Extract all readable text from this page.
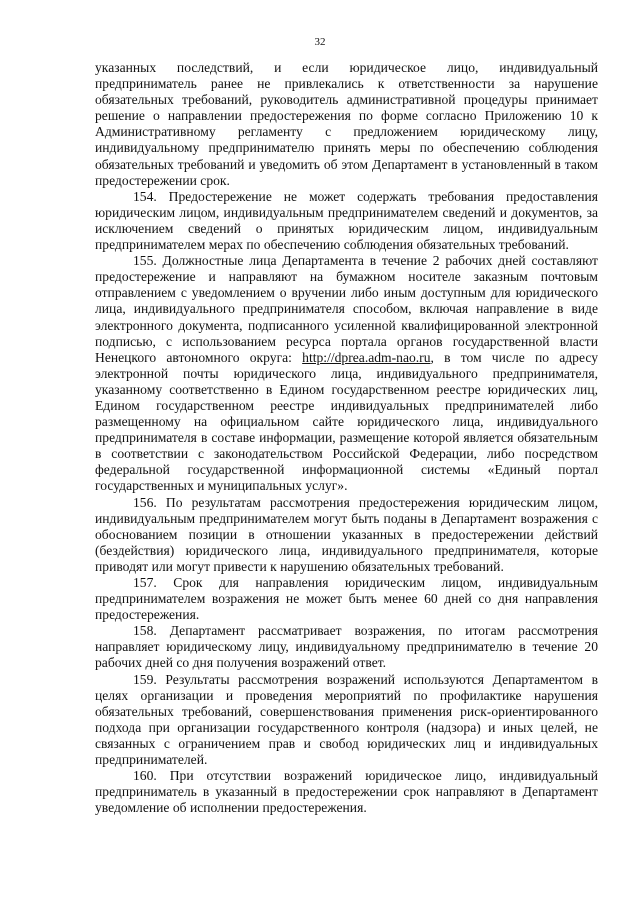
32

указанных последствий, и если юридическое лицо, индивидуальный предприниматель ранее не привлекались к ответственности за нарушение обязательных требований, руководитель административной процедуры принимает решение о направлении предостережения по форме согласно Приложению 10 к Административному регламенту с предложением юридическому лицу, индивидуальному предпринимателю принять меры по обеспечению соблюдения обязательных требований и уведомить об этом Департамент в установленный в таком предостережении срок.

154. Предостережение не может содержать требования предоставления юридическим лицом, индивидуальным предпринимателем сведений и документов, за исключением сведений о принятых юридическим лицом, индивидуальным предпринимателем мерах по обеспечению соблюдения обязательных требований.

155. Должностные лица Департамента в течение 2 рабочих дней составляют предостережение и направляют на бумажном носителе заказным почтовым отправлением с уведомлением о вручении либо иным доступным для юридического лица, индивидуального предпринимателя способом, включая направление в виде электронного документа, подписанного усиленной квалифицированной электронной подписью, с использованием ресурса портала органов государственной власти Ненецкого автономного округа: http://dprea.adm-nao.ru, в том числе по адресу электронной почты юридического лица, индивидуального предпринимателя, указанному соответственно в Едином государственном реестре юридических лиц, Едином государственном реестре индивидуальных предпринимателей либо размещенному на официальном сайте юридического лица, индивидуального предпринимателя в составе информации, размещение которой является обязательным в соответствии с законодательством Российской Федерации, либо посредством федеральной государственной информационной системы «Единый портал государственных и муниципальных услуг».

156. По результатам рассмотрения предостережения юридическим лицом, индивидуальным предпринимателем могут быть поданы в Департамент возражения с обоснованием позиции в отношении указанных в предостережении действий (бездействия) юридического лица, индивидуального предпринимателя, которые приводят или могут привести к нарушению обязательных требований.

157. Срок для направления юридическим лицом, индивидуальным предпринимателем возражения не может быть менее 60 дней со дня направления предостережения.

158. Департамент рассматривает возражения, по итогам рассмотрения направляет юридическому лицу, индивидуальному предпринимателю в течение 20 рабочих дней со дня получения возражений ответ.

159. Результаты рассмотрения возражений используются Департаментом в целях организации и проведения мероприятий по профилактике нарушения обязательных требований, совершенствования применения риск-ориентированного подхода при организации государственного контроля (надзора) и иных целей, не связанных с ограничением прав и свобод юридических лиц и индивидуальных предпринимателей.

160. При отсутствии возражений юридическое лицо, индивидуальный предприниматель в указанный в предостережении срок направляют в Департамент уведомление об исполнении предостережения.
